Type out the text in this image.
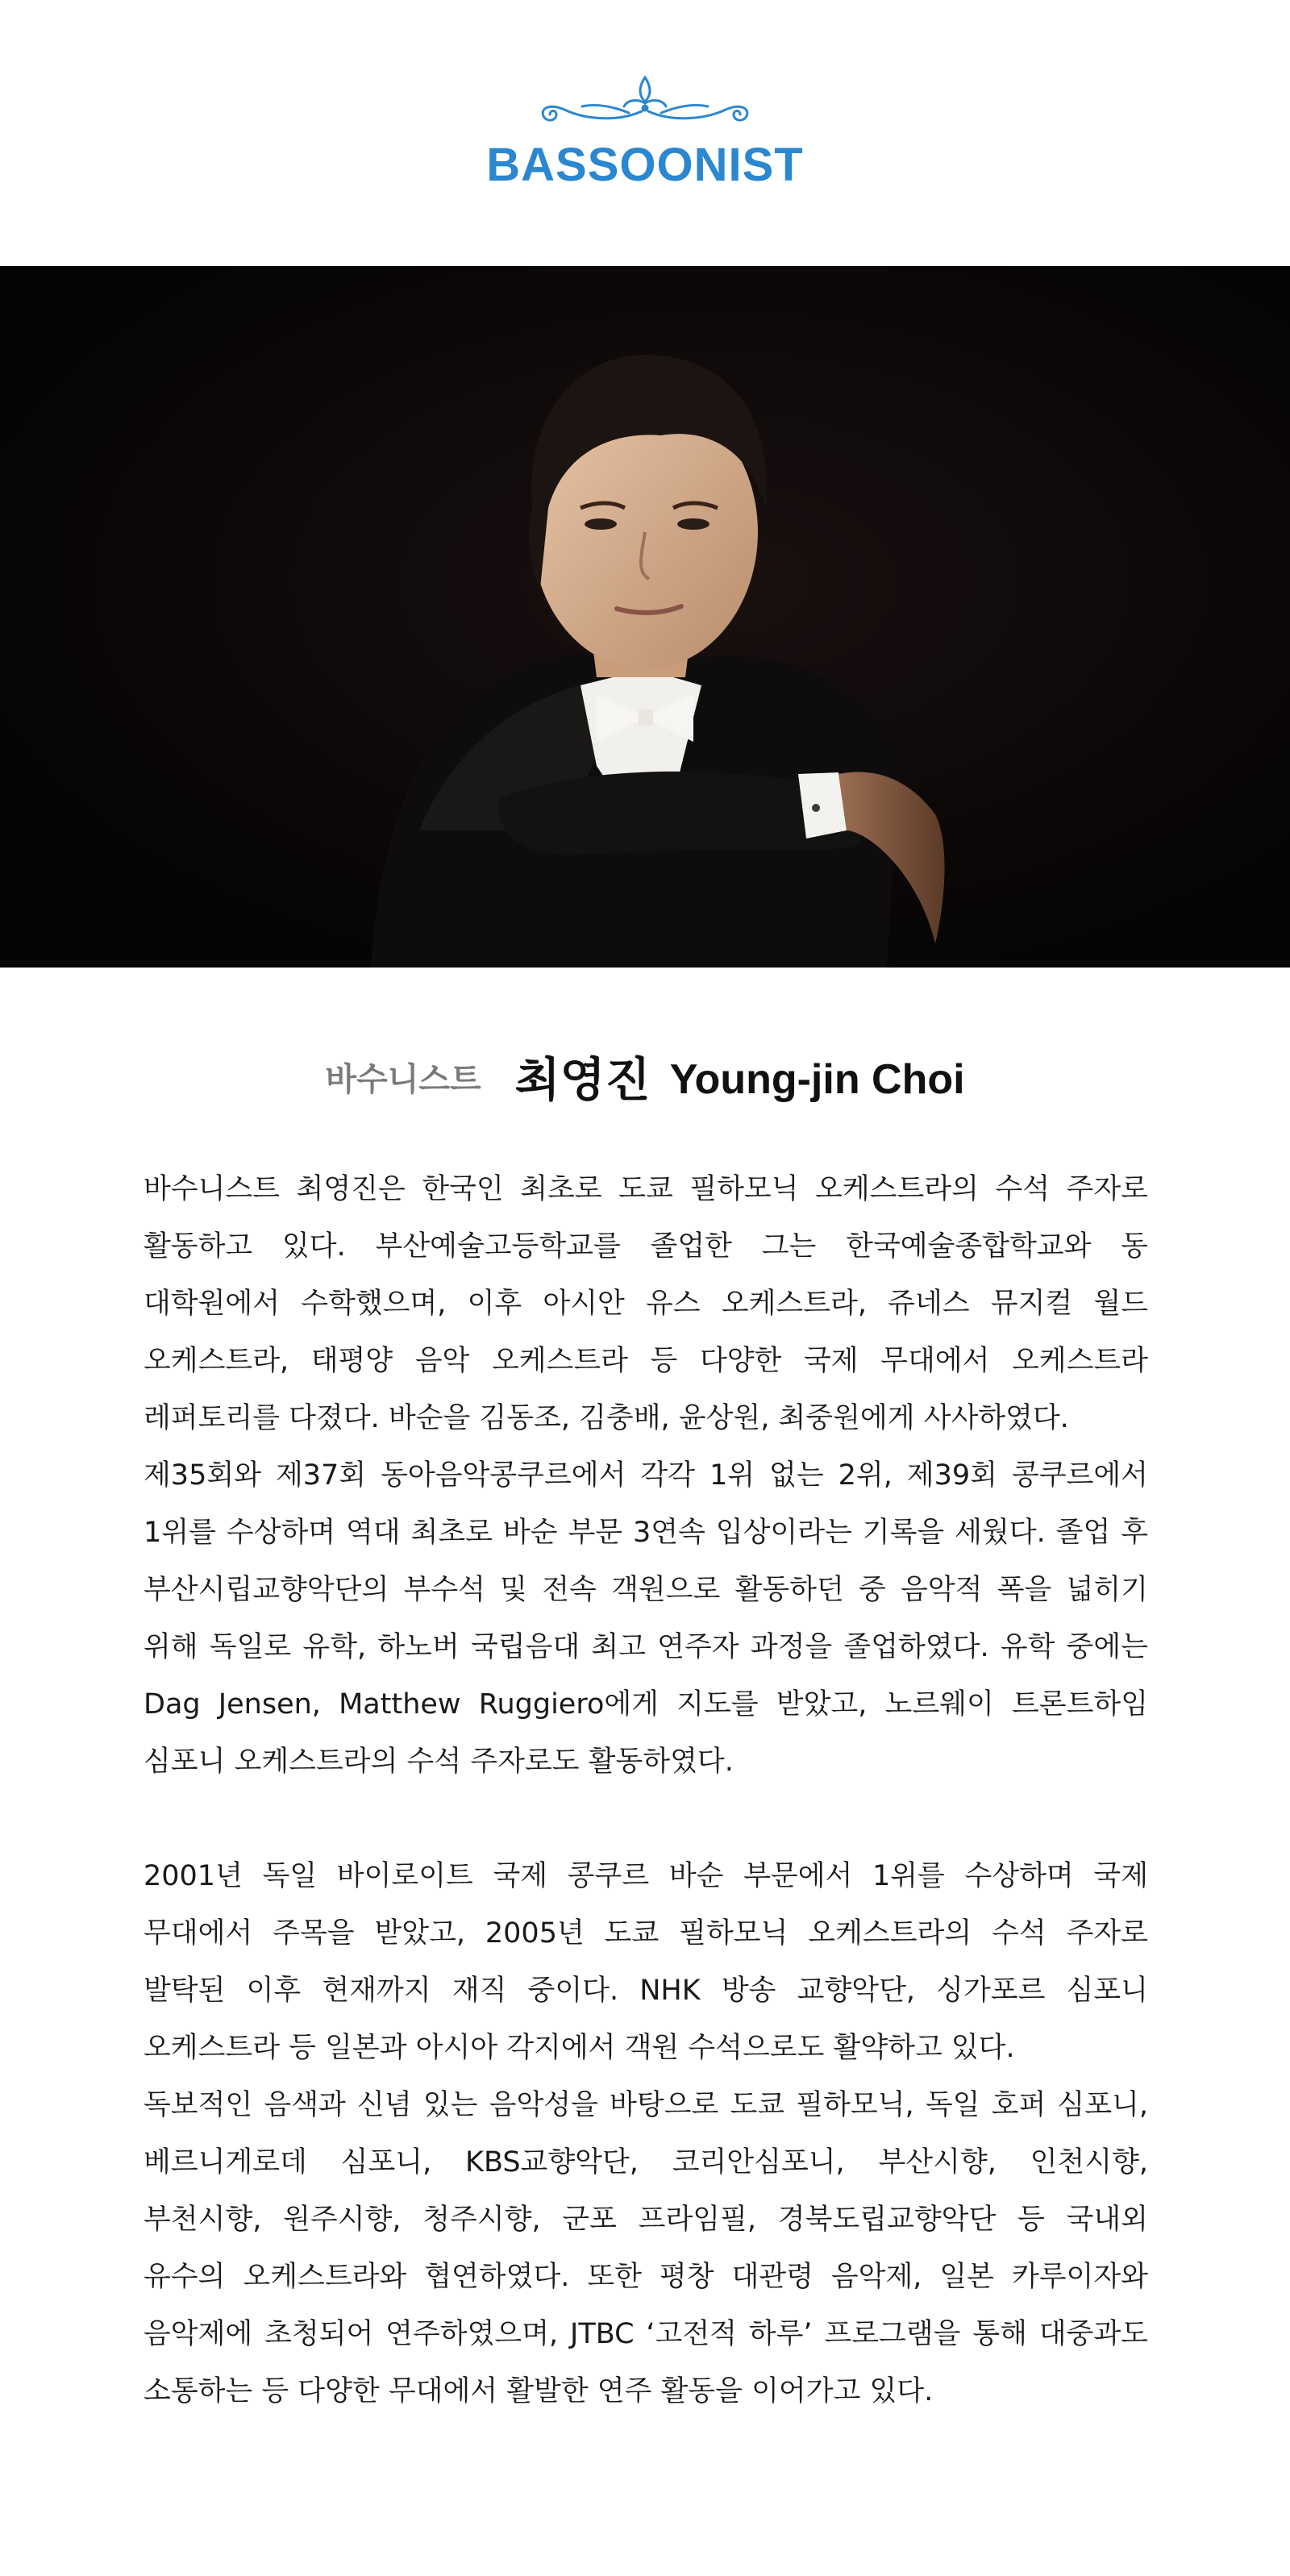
BASSOONIST
바수니스트 최영진 Young-jin Choi

바수니스트 최영진은 한국인 최초로 도쿄 필하모닉 오케스트라의 수석 주자로 활동하고 있다. 부산예술고등학교를 졸업한 그는 한국예술종합학교와 동 대학원에서 수학했으며, 이후 아시안 유스 오케스트라, 쥬네스 뮤지컬 월드 오케스트라, 태평양 음악 오케스트라 등 다양한 국제 무대에서 오케스트라 레퍼토리를 다졌다. 바순을 김동조, 김충배, 윤상원, 최중원에게 사사하였다.

제35회와 제37회 동아음악콩쿠르에서 각각 1위 없는 2위, 제39회 콩쿠르에서 1위를 수상하며 역대 최초로 바순 부문 3연속 입상이라는 기록을 세웠다. 졸업 후 부산시립교향악단의 부수석 및 전속 객원으로 활동하던 중 음악적 폭을 넓히기 위해 독일로 유학, 하노버 국립음대 최고 연주자 과정을 졸업하였다. 유학 중에는 Dag Jensen, Matthew Ruggiero에게 지도를 받았고, 노르웨이 트론트하임 심포니 오케스트라의 수석 주자로도 활동하였다.

2001년 독일 바이로이트 국제 콩쿠르 바순 부문에서 1위를 수상하며 국제 무대에서 주목을 받았고, 2005년 도쿄 필하모닉 오케스트라의 수석 주자로 발탁된 이후 현재까지 재직 중이다. NHK 방송 교향악단, 싱가포르 심포니 오케스트라 등 일본과 아시아 각지에서 객원 수석으로도 활약하고 있다.

독보적인 음색과 신념 있는 음악성을 바탕으로 도쿄 필하모닉, 독일 호퍼 심포니, 베르니게로데 심포니, KBS교향악단, 코리안심포니, 부산시향, 인천시향, 부천시향, 원주시향, 청주시향, 군포 프라임필, 경북도립교향악단 등 국내외 유수의 오케스트라와 협연하였다. 또한 평창 대관령 음악제, 일본 카루이자와 음악제에 초청되어 연주하였으며, JTBC ‘고전적 하루’ 프로그램을 통해 대중과도 소통하는 등 다양한 무대에서 활발한 연주 활동을 이어가고 있다.
